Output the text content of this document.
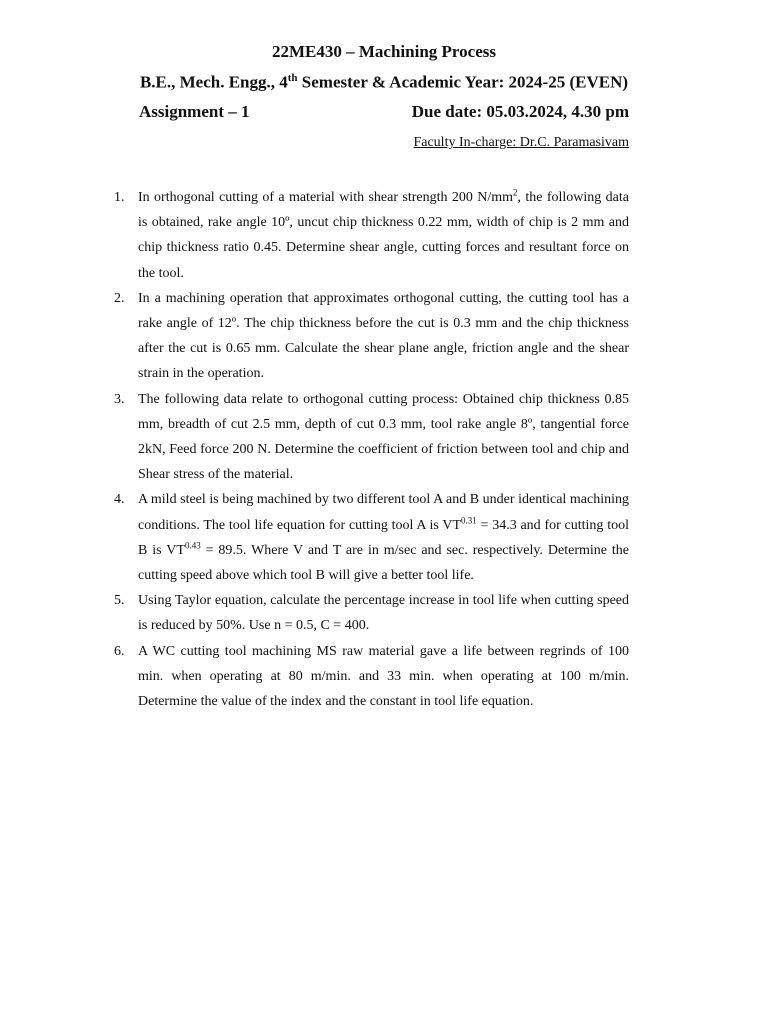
22ME430 – Machining Process
B.E., Mech. Engg., 4th Semester & Academic Year: 2024-25 (EVEN)
Assignment – 1	Due date: 05.03.2024, 4.30 pm
Faculty In-charge: Dr.C. Paramasivam
1. In orthogonal cutting of a material with shear strength 200 $N/mm^2$, the following data is obtained, rake angle 10º, uncut chip thickness 0.22 mm, width of chip is 2 mm and chip thickness ratio 0.45. Determine shear angle, cutting forces and resultant force on the tool.
2. In a machining operation that approximates orthogonal cutting, the cutting tool has a rake angle of 12º. The chip thickness before the cut is 0.3 mm and the chip thickness after the cut is 0.65 mm. Calculate the shear plane angle, friction angle and the shear strain in the operation.
3. The following data relate to orthogonal cutting process: Obtained chip thickness 0.85 mm, breadth of cut 2.5 mm, depth of cut 0.3 mm, tool rake angle 8º, tangential force 2kN, Feed force 200 N. Determine the coefficient of friction between tool and chip and Shear stress of the material.
4. A mild steel is being machined by two different tool A and B under identical machining conditions. The tool life equation for cutting tool A is $VT^{0.31} = 34.3$ and for cutting tool B is $VT^{0.43} = 89.5$. Where V and T are in m/sec and sec. respectively. Determine the cutting speed above which tool B will give a better tool life.
5. Using Taylor equation, calculate the percentage increase in tool life when cutting speed is reduced by 50%. Use n = 0.5, C = 400.
6. A WC cutting tool machining MS raw material gave a life between regrinds of 100 min. when operating at 80 m/min. and 33 min. when operating at 100 m/min. Determine the value of the index and the constant in tool life equation.
